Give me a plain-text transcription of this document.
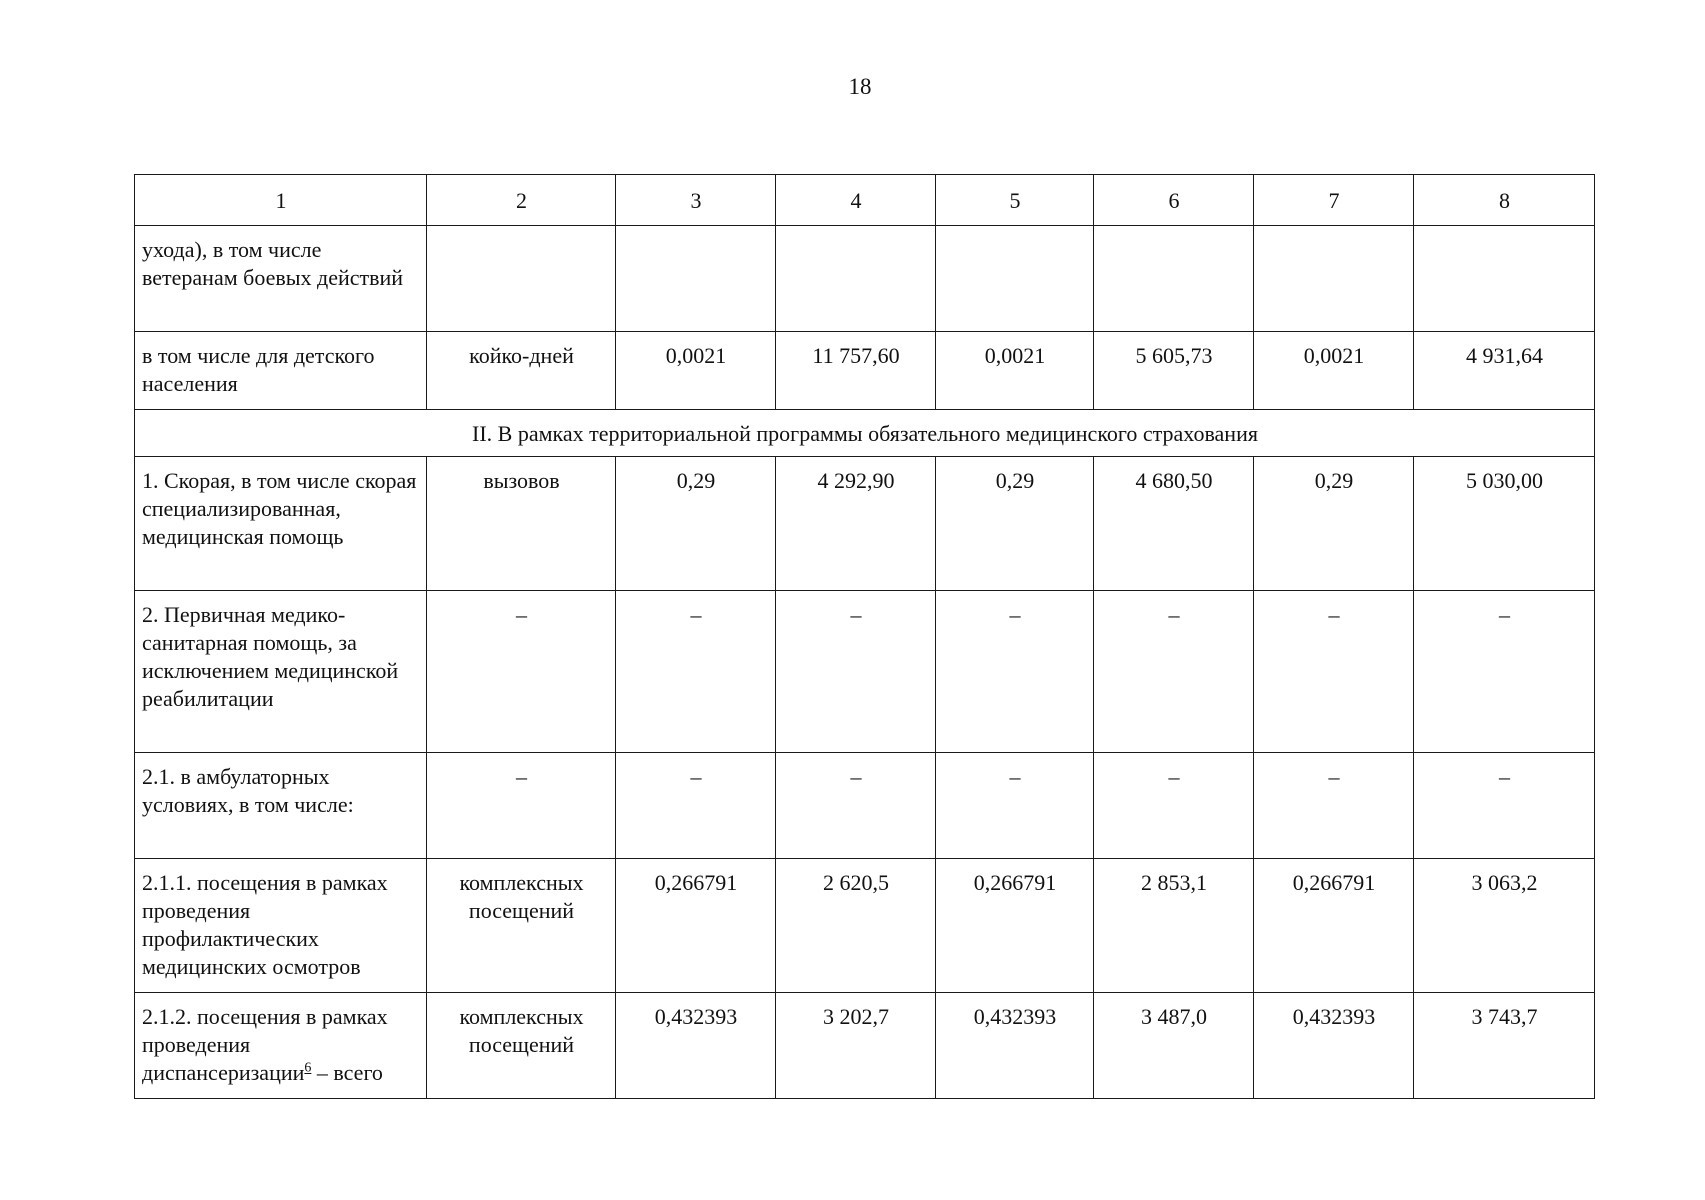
18
1	2	3	4	5	6	7	8
ухода), в том числе ветеранам боевых действий							
в том числе для детского населения	койко-дней	0,0021	11 757,60	0,0021	5 605,73	0,0021	4 931,64
II. В рамках территориальной программы обязательного медицинского страхования							
1. Скорая, в том числе скорая специализированная, медицинская помощь	вызовов	0,29	4 292,90	0,29	4 680,50	0,29	5 030,00
2. Первичная медико-санитарная помощь, за исключением медицинской реабилитации	–	–	–	–	–	–	–
2.1. в амбулаторных условиях, в том числе:	–	–	–	–	–	–	–
2.1.1. посещения в рамках проведения профилактических медицинских осмотров	комплексных посещений	0,266791	2 620,5	0,266791	2 853,1	0,266791	3 063,2
2.1.2. посещения в рамках проведения диспансеризации$^6$ – всего	комплексных посещений	0,432393	3 202,7	0,432393	3 487,0	0,432393	3 743,7
